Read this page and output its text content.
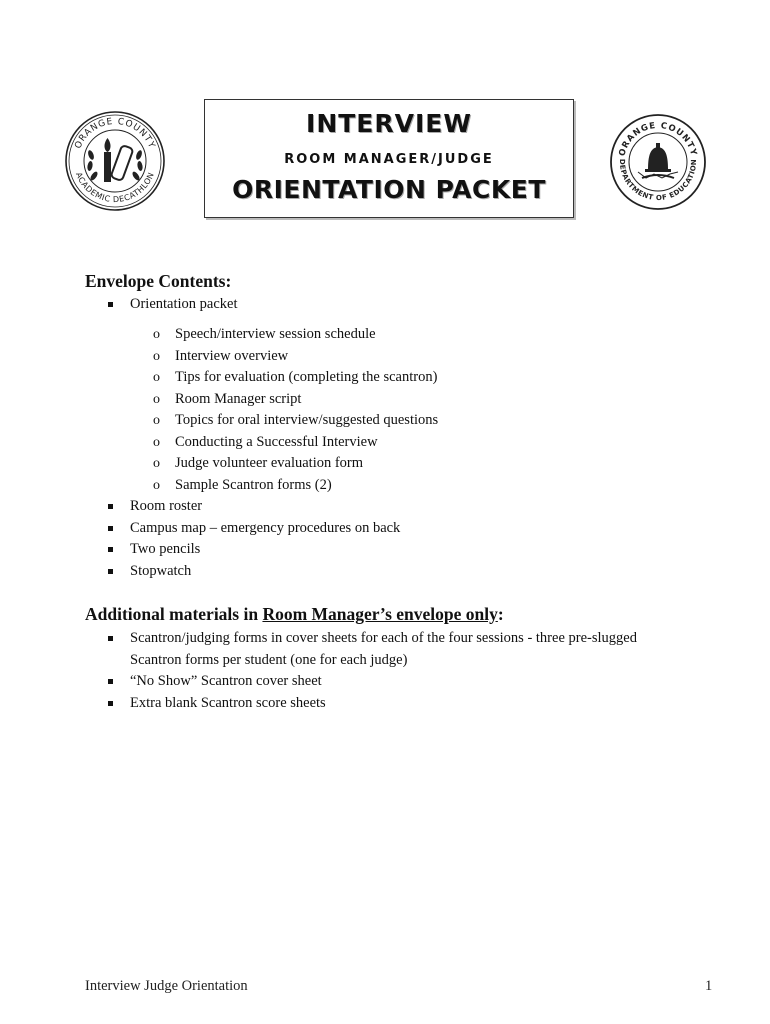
ORANGE COUNTY
ACADEMIC DECATHLON
ORANGE COUNTY
DEPARTMENT OF EDUCATION
INTERVIEW
ROOM MANAGER/JUDGE
ORIENTATION PACKET
Envelope Contents:
Orientation packet
o Speech/interview session schedule
o Interview overview
o Tips for evaluation (completing the scantron)
o Room Manager script
o Topics for oral interview/suggested questions
o Conducting a Successful Interview
o Judge volunteer evaluation form
o Sample Scantron forms (2)
Room roster
Campus map – emergency procedures on back
Two pencils
Stopwatch
Additional materials in Room Manager’s envelope only:
Scantron/judging forms in cover sheets for each of the four sessions - three pre-slugged
Scantron forms per student (one for each judge)
“No Show” Scantron cover sheet
Extra blank Scantron score sheets
Interview Judge Orientation	1
